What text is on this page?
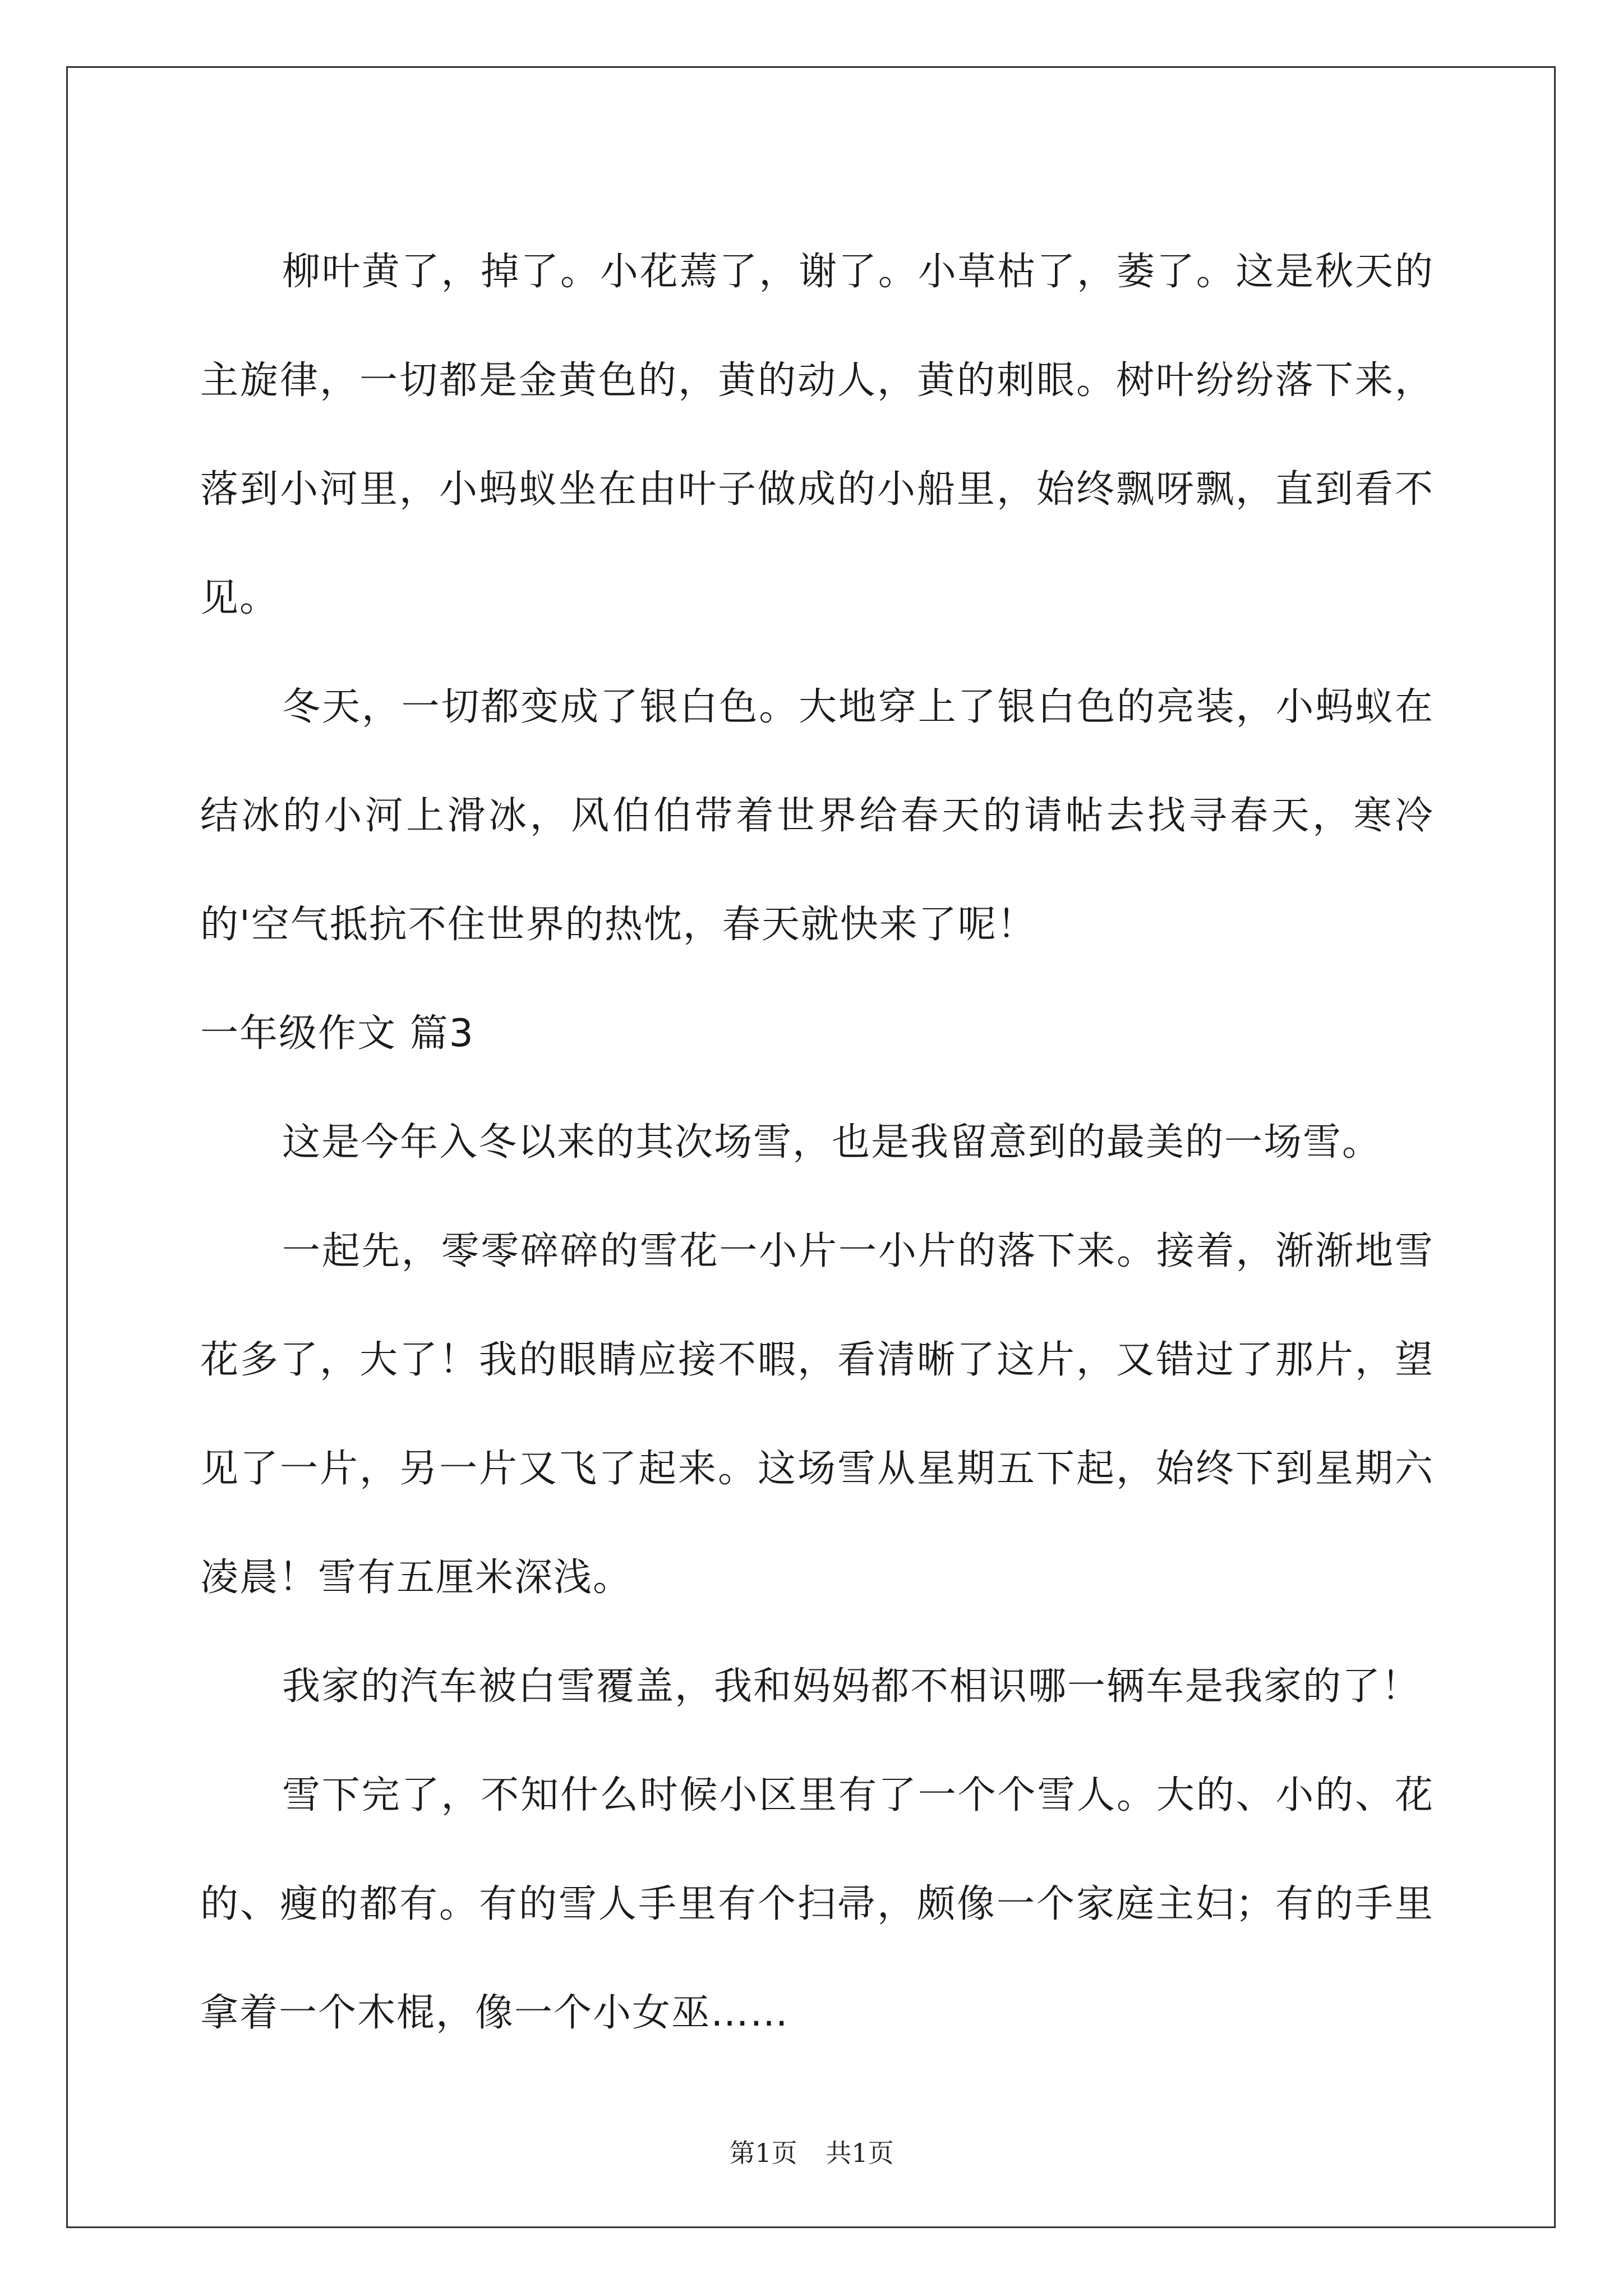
柳叶黄了，掉了。小花蔫了，谢了。小草枯了，萎了。这是秋天的主旋律，一切都是金黄色的，黄的动人，黄的刺眼。树叶纷纷落下来，落到小河里，小蚂蚁坐在由叶子做成的小船里，始终飘呀飘，直到看不见。

冬天，一切都变成了银白色。大地穿上了银白色的亮装，小蚂蚁在结冰的小河上滑冰，风伯伯带着世界给春天的请帖去找寻春天，寒冷的'空气抵抗不住世界的热忱，春天就快来了呢！

一年级作文 篇3

这是今年入冬以来的其次场雪，也是我留意到的最美的一场雪。

一起先，零零碎碎的雪花一小片一小片的落下来。接着，渐渐地雪花多了，大了！我的眼睛应接不暇，看清晰了这片，又错过了那片，望见了一片，另一片又飞了起来。这场雪从星期五下起，始终下到星期六凌晨！雪有五厘米深浅。

我家的汽车被白雪覆盖，我和妈妈都不相识哪一辆车是我家的了！

雪下完了，不知什么时候小区里有了一个个雪人。大的、小的、花的、瘦的都有。有的雪人手里有个扫帚，颇像一个家庭主妇；有的手里拿着一个木棍，像一个小女巫……

第1页 共1页
